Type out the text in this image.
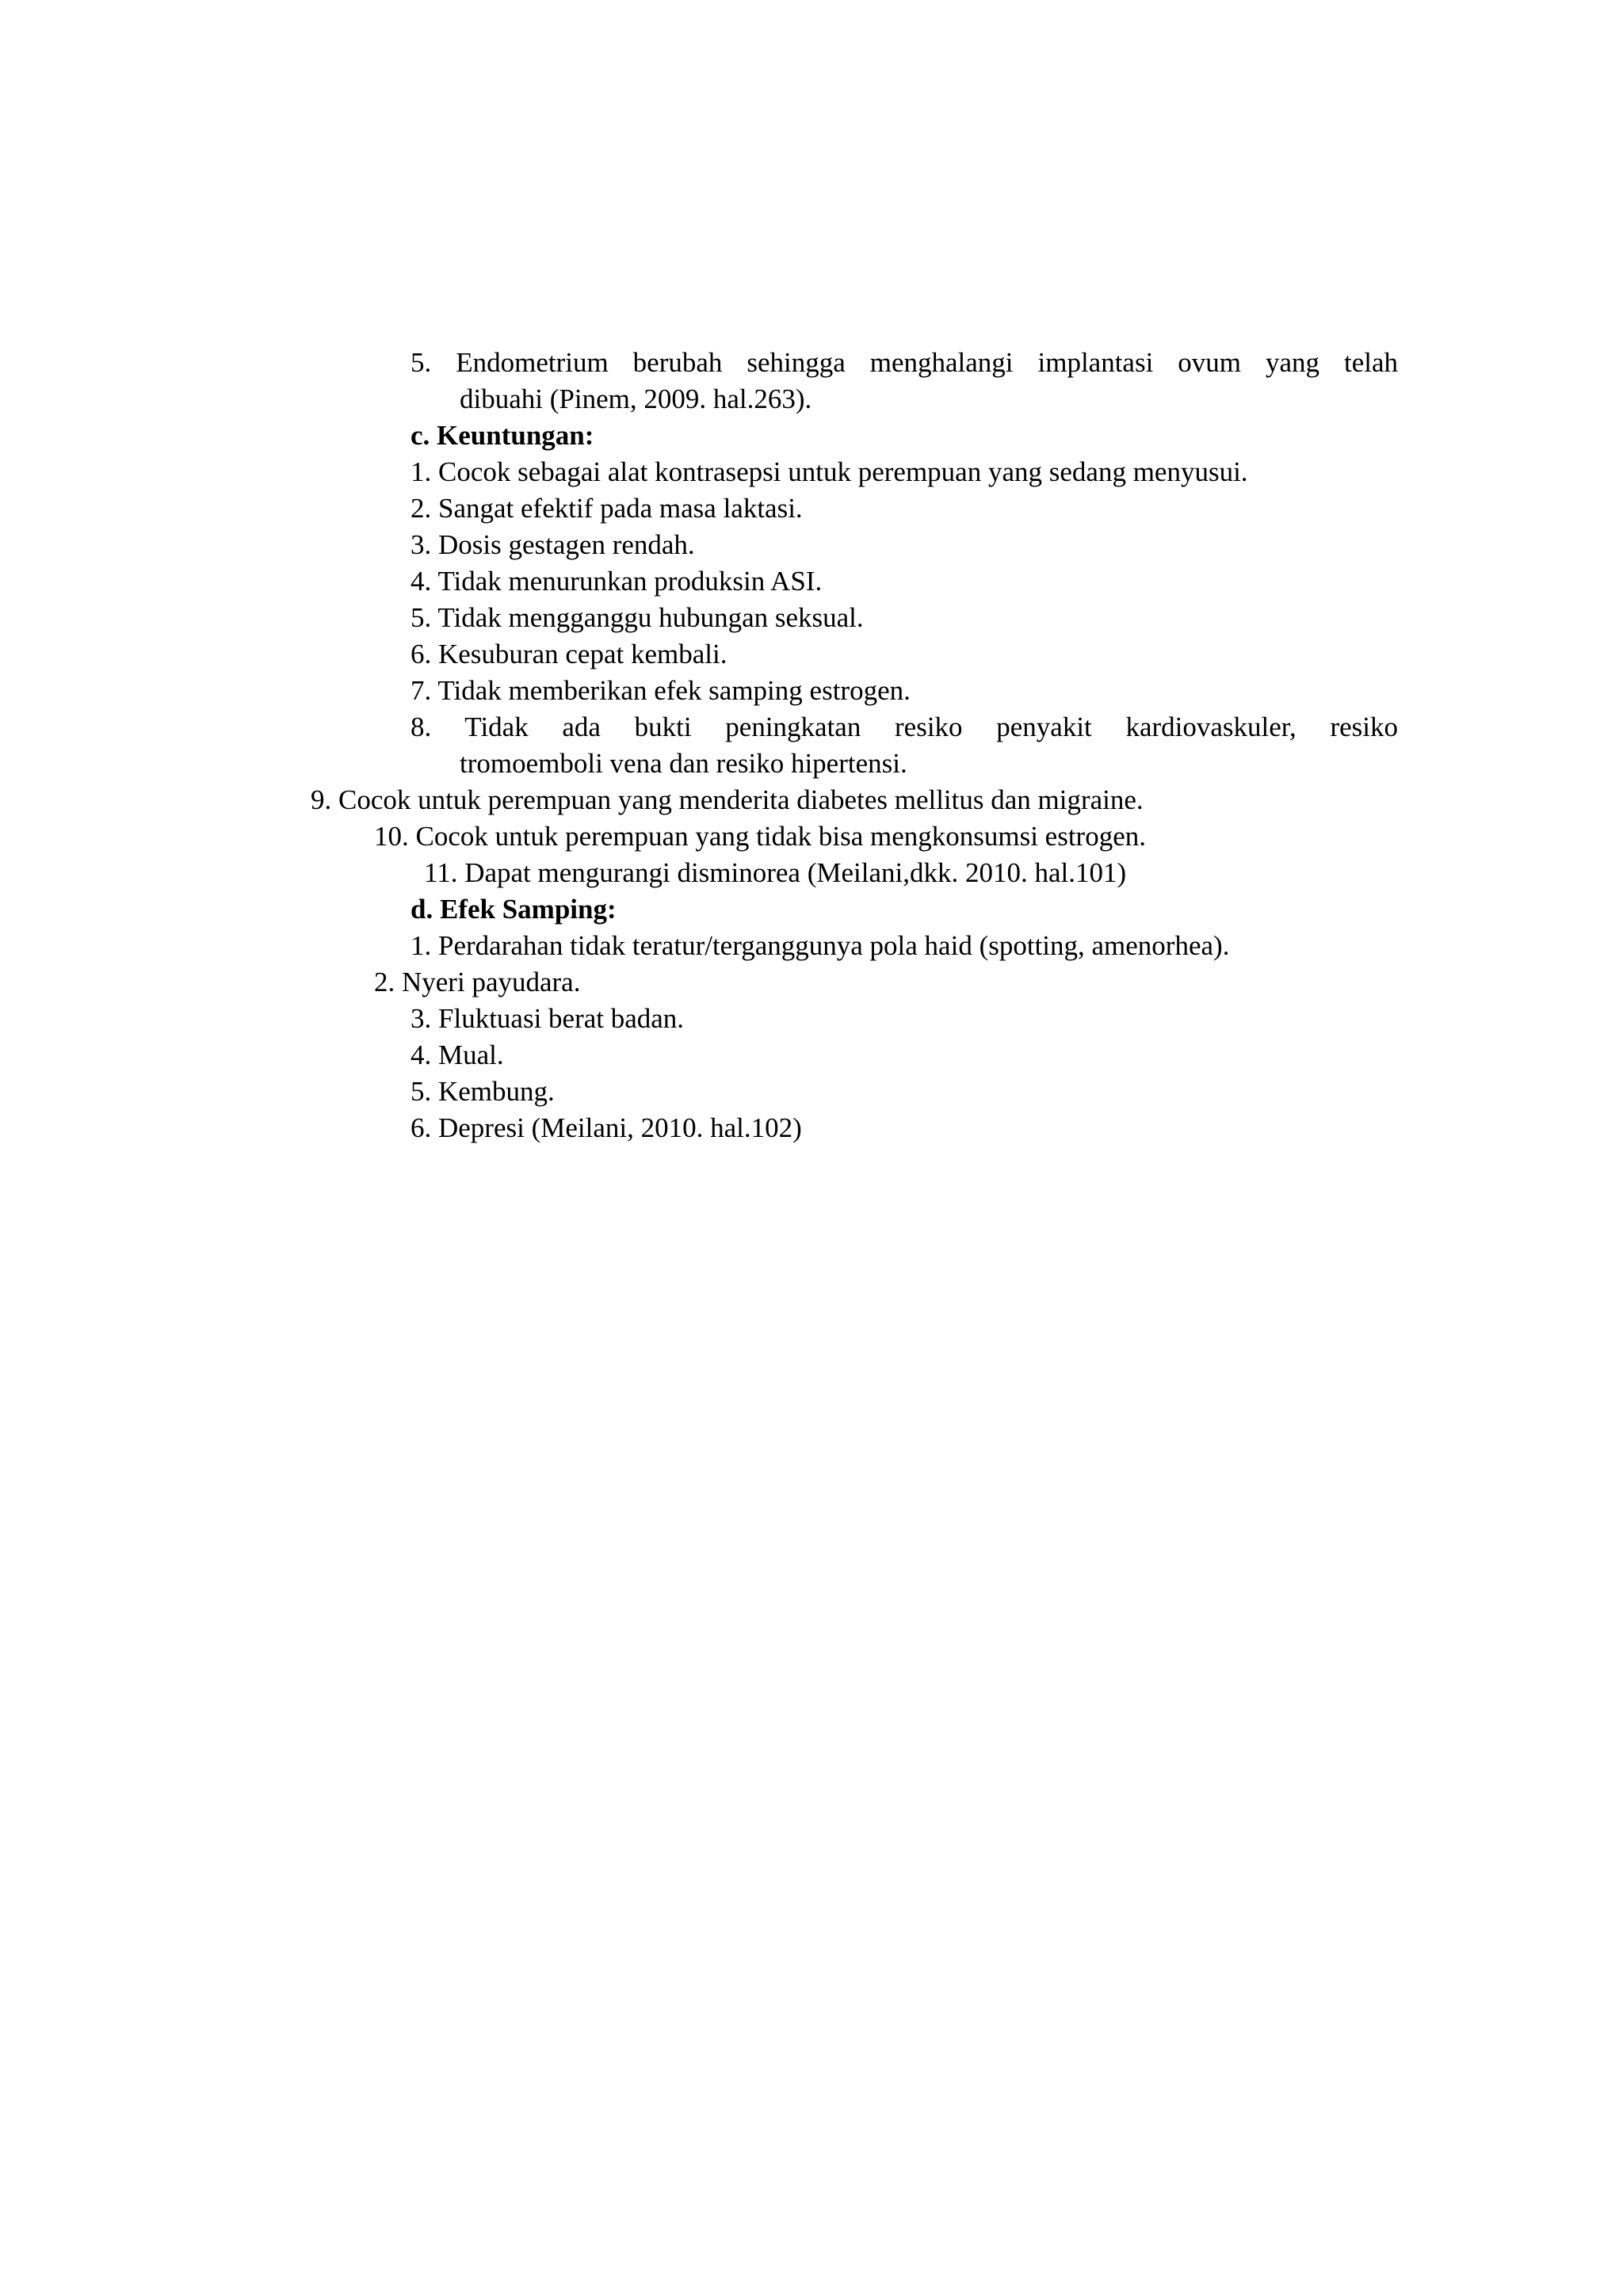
5. Endometrium berubah sehingga menghalangi implantasi ovum yang telah
dibuahi (Pinem, 2009. hal.263).
c. Keuntungan:
1. Cocok sebagai alat kontrasepsi untuk perempuan yang sedang menyusui.
2. Sangat efektif pada masa laktasi.
3. Dosis gestagen rendah.
4. Tidak menurunkan produksin ASI.
5. Tidak mengganggu hubungan seksual.
6. Kesuburan cepat kembali.
7. Tidak memberikan efek samping estrogen.
8. Tidak ada bukti peningkatan resiko penyakit kardiovaskuler, resiko
tromoemboli vena dan resiko hipertensi.
9. Cocok untuk perempuan yang menderita diabetes mellitus dan migraine.
10. Cocok untuk perempuan yang tidak bisa mengkonsumsi estrogen.
11. Dapat mengurangi disminorea (Meilani,dkk. 2010. hal.101)
d. Efek Samping:
1. Perdarahan tidak teratur/terganggunya pola haid (spotting, amenorhea).
2. Nyeri payudara.
3. Fluktuasi berat badan.
4. Mual.
5. Kembung.
6. Depresi (Meilani, 2010. hal.102)
